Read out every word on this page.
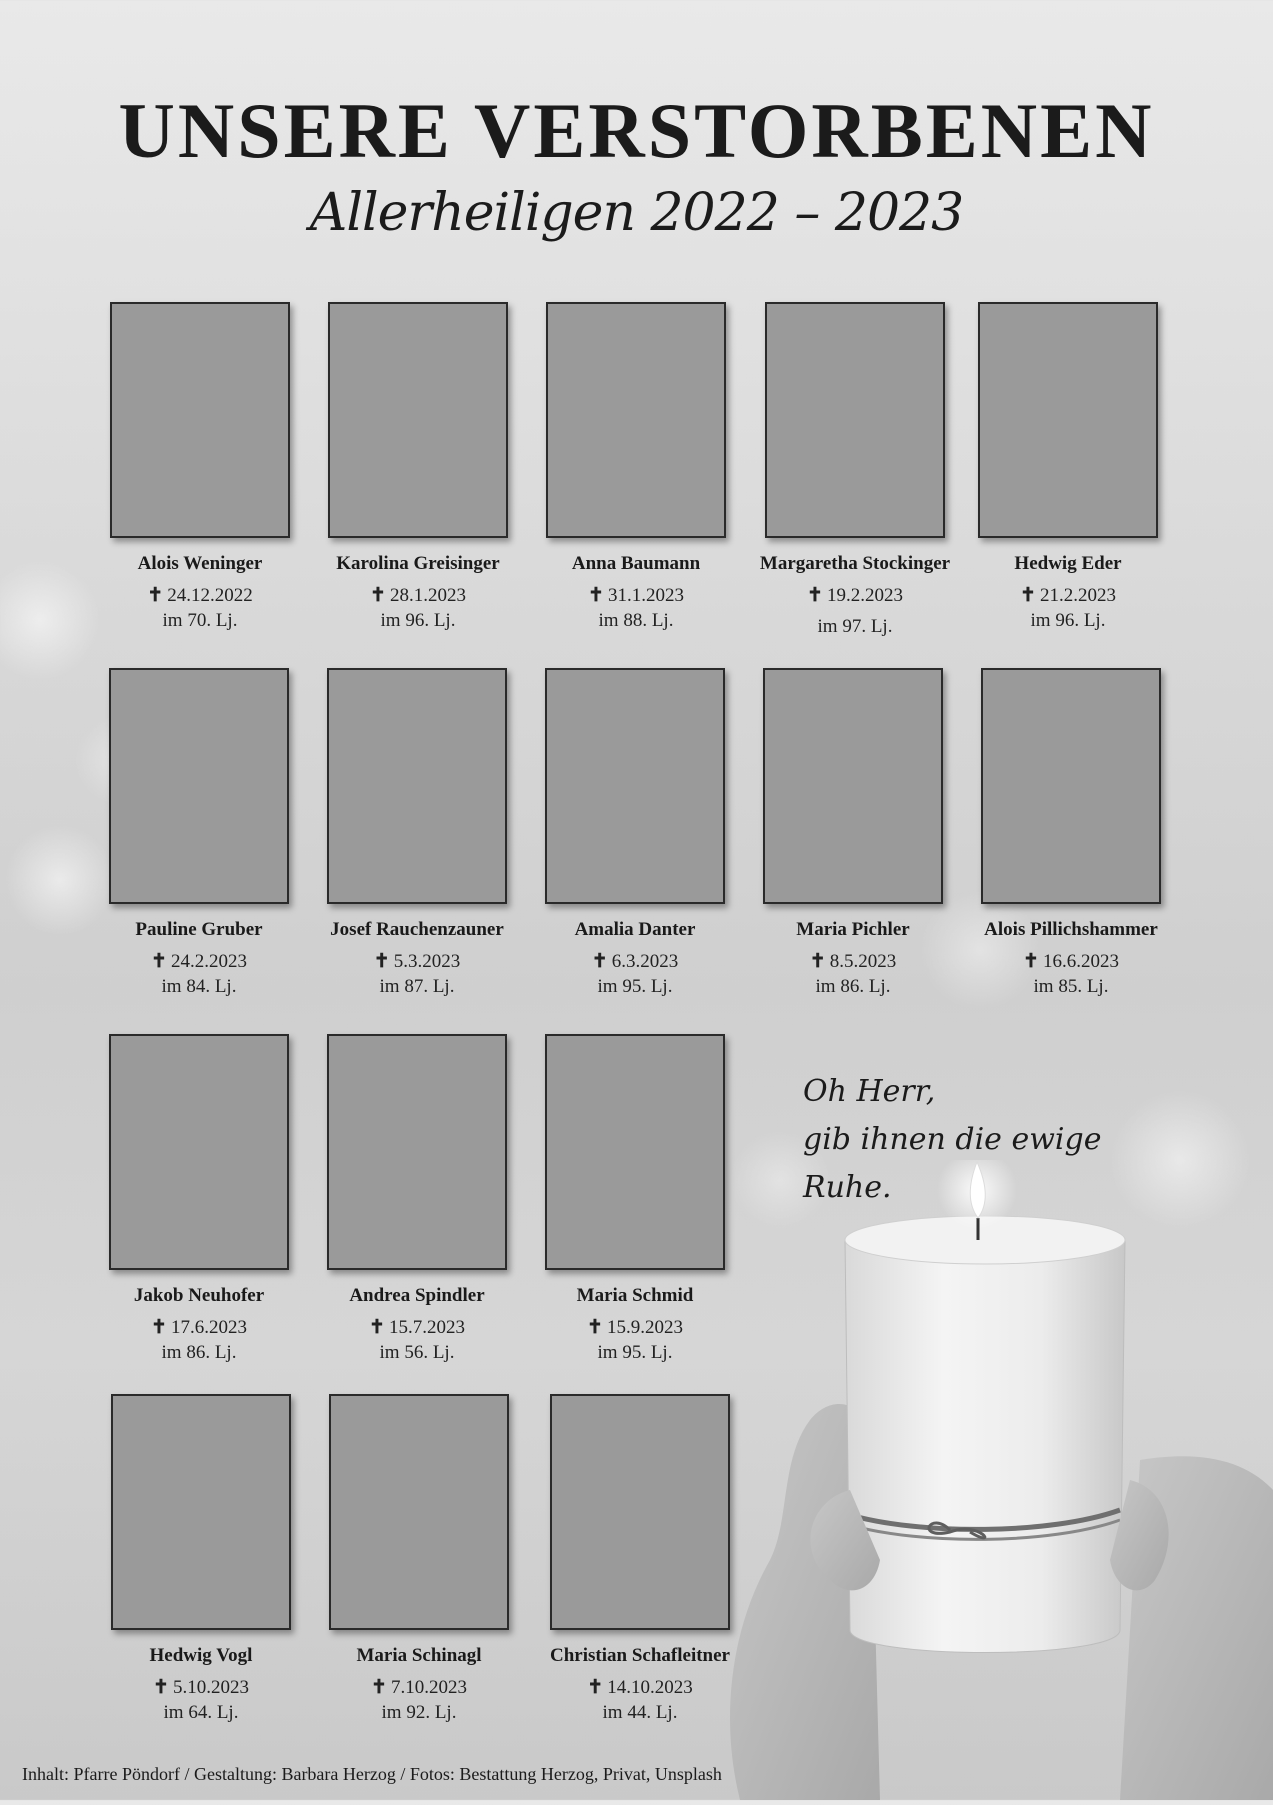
UNSERE VERSTORBENEN
Allerheiligen 2022 – 2023
Alois Weninger
✝ 24.12.2022
im 70. Lj.
Karolina Greisinger
✝ 28.1.2023
im 96. Lj.
Anna Baumann
✝ 31.1.2023
im 88. Lj.
Margaretha Stockinger
✝ 19.2.2023
im 97. Lj.
Hedwig Eder
✝ 21.2.2023
im 96. Lj.
Pauline Gruber
✝ 24.2.2023
im 84. Lj.
Josef Rauchenzauner
✝ 5.3.2023
im 87. Lj.
Amalia Danter
✝ 6.3.2023
im 95. Lj.
Maria Pichler
✝ 8.5.2023
im 86. Lj.
Alois Pillichshammer
✝ 16.6.2023
im 85. Lj.
Jakob Neuhofer
✝ 17.6.2023
im 86. Lj.
Andrea Spindler
✝ 15.7.2023
im 56. Lj.
Maria Schmid
✝ 15.9.2023
im 95. Lj.
Hedwig Vogl
✝ 5.10.2023
im 64. Lj.
Maria Schinagl
✝ 7.10.2023
im 92. Lj.
Christian Schafleitner
✝ 14.10.2023
im 44. Lj.
Oh Herr,
gib ihnen die ewige Ruhe.
Inhalt: Pfarre Pöndorf / Gestaltung: Barbara Herzog / Fotos: Bestattung Herzog, Privat, Unsplash
